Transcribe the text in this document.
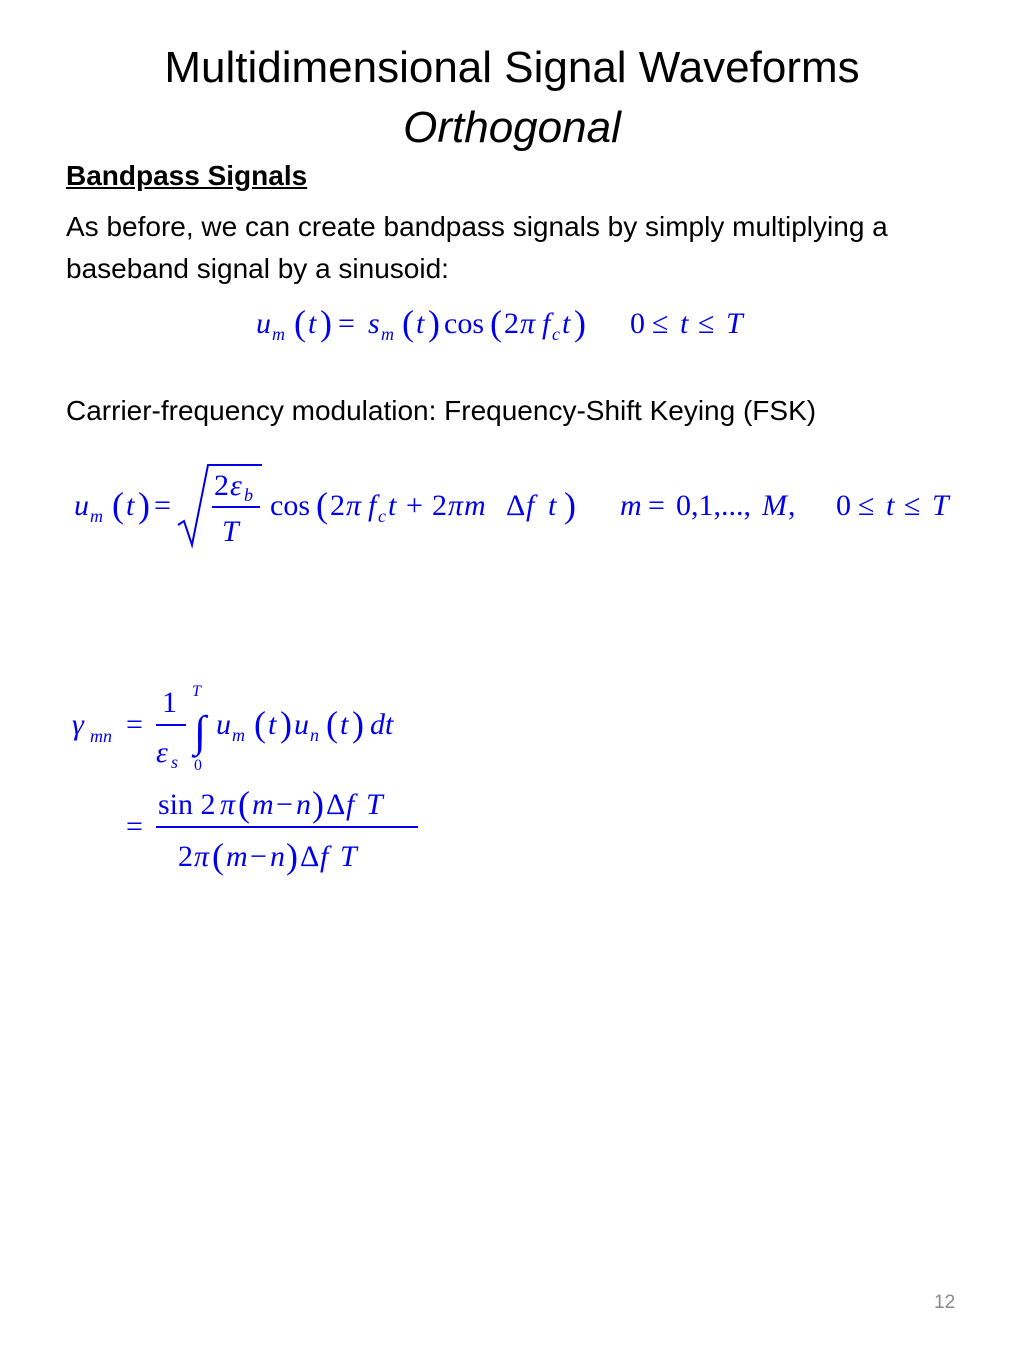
Multidimensional Signal Waveforms
Orthogonal
Bandpass Signals
As before, we can create bandpass signals by simply multiplying a baseband signal by a sinusoid:
u m ( t ) = s m ( t ) cos ( 2 π f c t ) 0 ≤ t ≤ T
Carrier-frequency modulation: Frequency-Shift Keying (FSK)
u m ( t ) =
2 ε b
T
cos ( 2 π f c t + 2 π m Δ f t ) m = 0,1,..., M , 0 ≤ t ≤ T
γ mn =
1
ε s
T
∫
0
u m ( t ) u n ( t ) dt
=
sin 2 π ( m − n ) Δ f T
2 π ( m − n ) Δ f T
12
